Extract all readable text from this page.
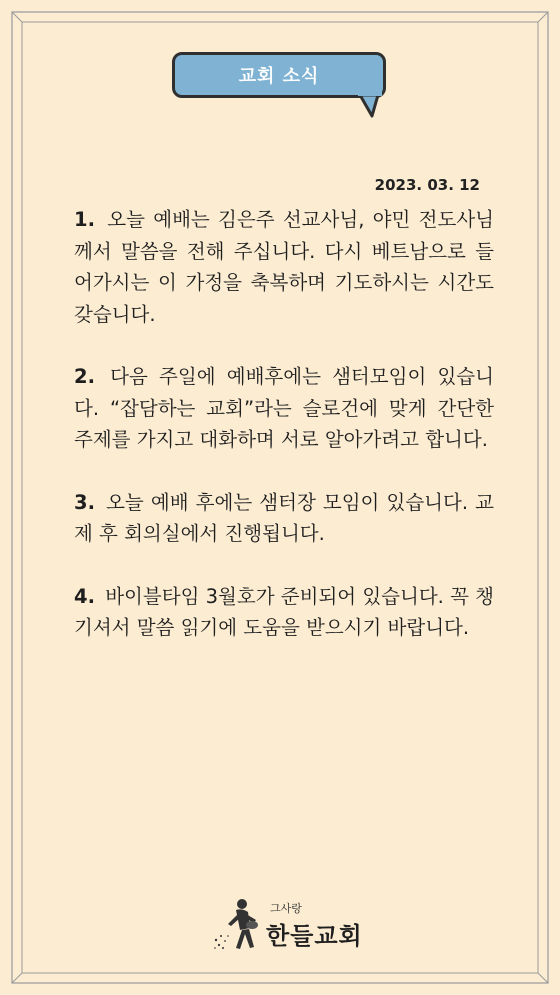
교회 소식
2023. 03. 12

1. 오늘 예배는 김은주 선교사님, 야민 전도사님께서 말씀을 전해 주십니다. 다시 베트남으로 들어가시는 이 가정을 축복하며 기도하시는 시간도 갖습니다.

2. 다음 주일에 예배후에는 샘터모임이 있습니다. “잡담하는 교회”라는 슬로건에 맞게 간단한 주제를 가지고 대화하며 서로 알아가려고 합니다.

3. 오늘 예배 후에는 샘터장 모임이 있습니다. 교제 후 회의실에서 진행됩니다.

4. 바이블타임 3월호가 준비되어 있습니다. 꼭 챙기셔서 말씀 읽기에 도움을 받으시기 바랍니다.

그사랑
한들교회
